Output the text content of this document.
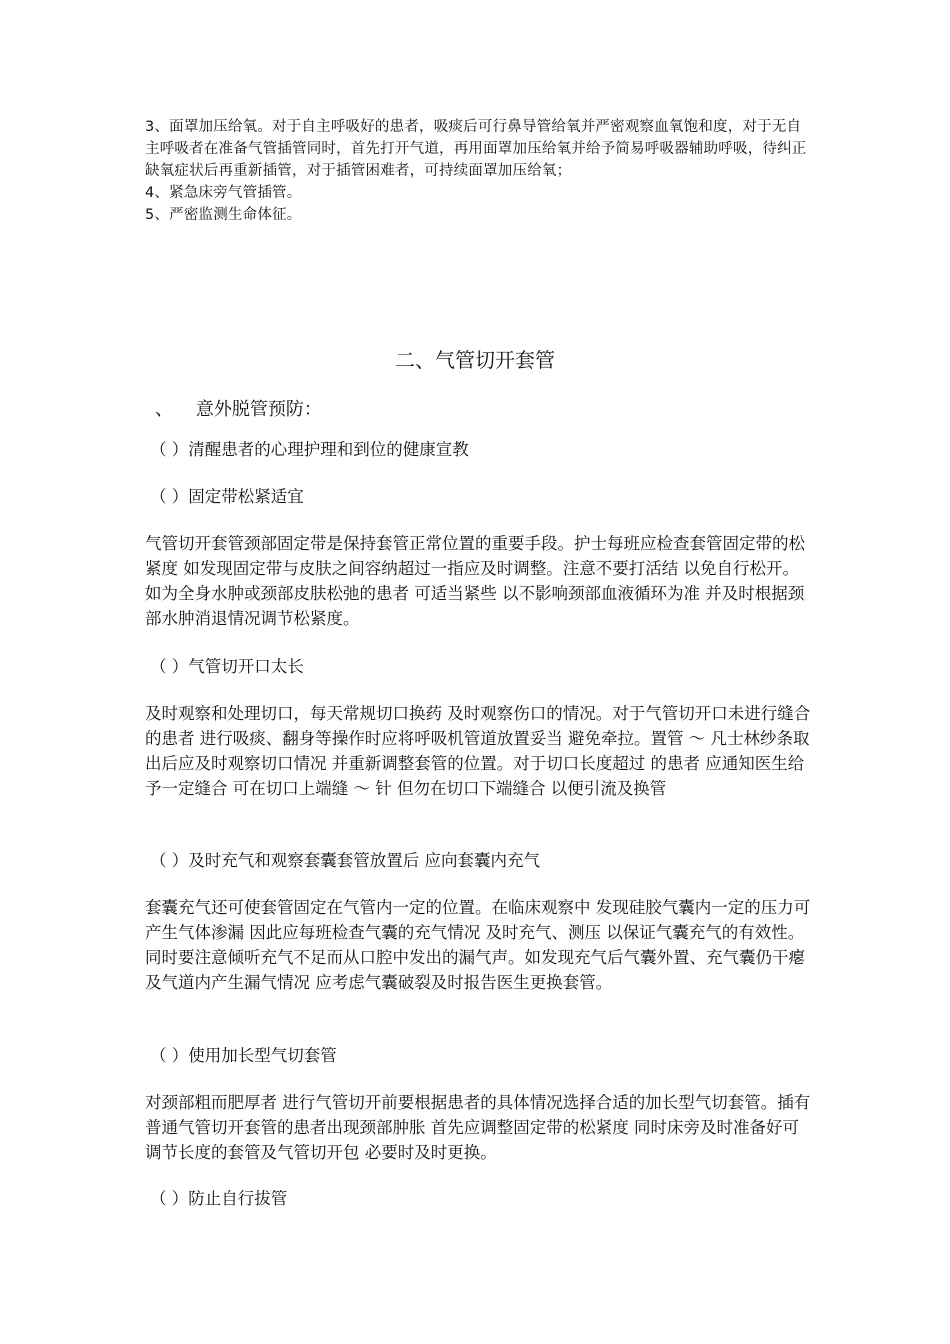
3、面罩加压给氧。对于自主呼吸好的患者，吸痰后可行鼻导管给氧并严密观察血氧饱和度，对于无自主呼吸者在准备气管插管同时，首先打开气道，再用面罩加压给氧并给予简易呼吸器辅助呼吸，待纠正缺氧症状后再重新插管，对于插管困难者，可持续面罩加压给氧；

4、紧急床旁气管插管。

5、严密监测生命体征。

二、气管切开套管
、    意外脱管预防：

（ ）清醒患者的心理护理和到位的健康宣教

（ ）固定带松紧适宜

气管切开套管颈部固定带是保持套管正常位置的重要手段。护士每班应检查套管固定带的松紧度 如发现固定带与皮肤之间容纳超过一指应及时调整。注意不要打活结 以免自行松开。如为全身水肿或颈部皮肤松弛的患者 可适当紧些 以不影响颈部血液循环为准 并及时根据颈部水肿消退情况调节松紧度。

（ ）气管切开口太长

及时观察和处理切口，每天常规切口换药 及时观察伤口的情况。对于气管切开口未进行缝合的患者 进行吸痰、翻身等操作时应将呼吸机管道放置妥当 避免牵拉。置管 ～ 凡士林纱条取出后应及时观察切口情况 并重新调整套管的位置。对于切口长度超过 的患者 应通知医生给予一定缝合 可在切口上端缝 ～ 针 但勿在切口下端缝合 以便引流及换管

（ ）及时充气和观察套囊套管放置后 应向套囊内充气

套囊充气还可使套管固定在气管内一定的位置。在临床观察中 发现硅胶气囊内一定的压力可产生气体渗漏 因此应每班检查气囊的充气情况 及时充气、测压 以保证气囊充气的有效性。同时要注意倾听充气不足而从口腔中发出的漏气声。如发现充气后气囊外置、充气囊仍干瘪及气道内产生漏气情况 应考虑气囊破裂及时报告医生更换套管。

（ ）使用加长型气切套管

对颈部粗而肥厚者 进行气管切开前要根据患者的具体情况选择合适的加长型气切套管。插有普通气管切开套管的患者出现颈部肿胀 首先应调整固定带的松紧度 同时床旁及时准备好可调节长度的套管及气管切开包 必要时及时更换。

（ ）防止自行拔管
